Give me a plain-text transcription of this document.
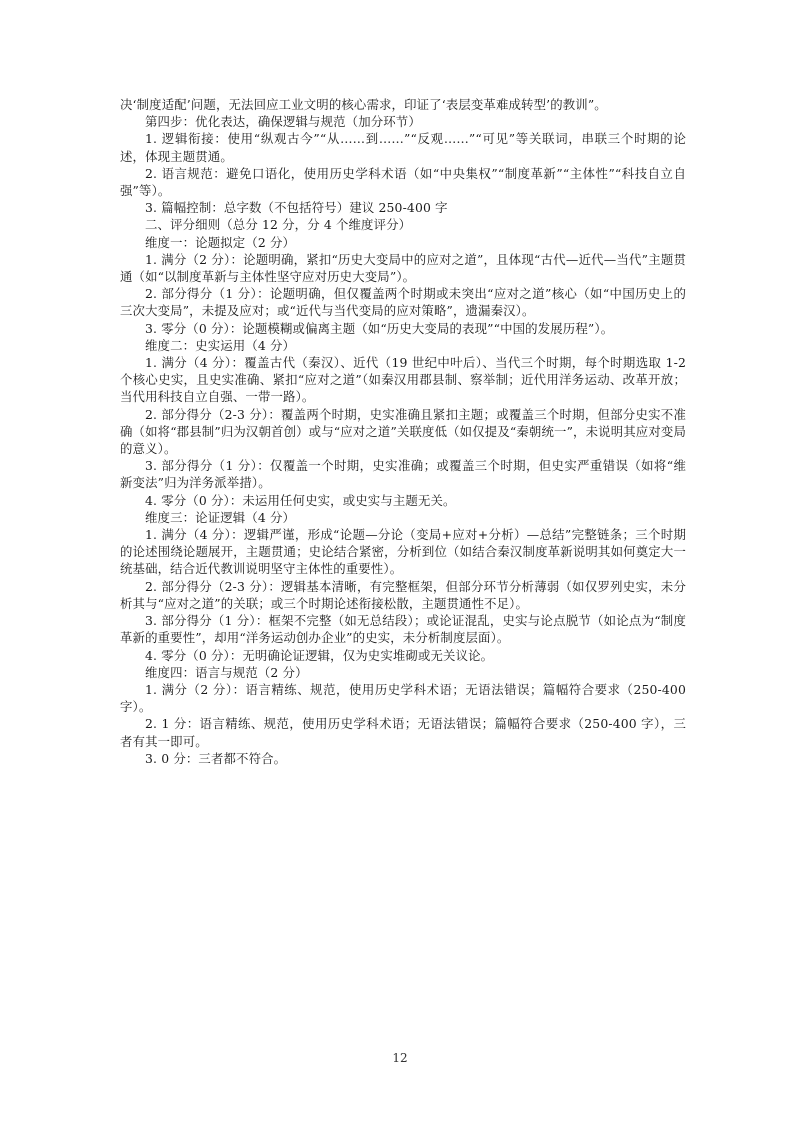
决‘制度适配’问题，无法回应工业文明的核心需求，印证了‘表层变革难成转型’的教训”。

第四步：优化表达，确保逻辑与规范（加分环节）

1. 逻辑衔接：使用“纵观古今”“从……到……”“反观……”“可见”等关联词，串联三个时期的论述，体现主题贯通。

2. 语言规范：避免口语化，使用历史学科术语（如“中央集权”“制度革新”“主体性”“科技自立自强”等）。

3. 篇幅控制：总字数（不包括符号）建议 250-400 字

二、评分细则（总分 12 分，分 4 个维度评分）

维度一：论题拟定（2 分）

1. 满分（2 分）：论题明确，紧扣“历史大变局中的应对之道”，且体现“古代—近代—当代”主题贯通（如“以制度革新与主体性坚守应对历史大变局”）。

2. 部分得分（1 分）：论题明确，但仅覆盖两个时期或未突出“应对之道”核心（如“中国历史上的三次大变局”，未提及应对；或“近代与当代变局的应对策略”，遗漏秦汉）。

3. 零分（0 分）：论题模糊或偏离主题（如“历史大变局的表现”“中国的发展历程”）。

维度二：史实运用（4 分）

1. 满分（4 分）：覆盖古代（秦汉）、近代（19 世纪中叶后）、当代三个时期，每个时期选取 1-2 个核心史实，且史实准确、紧扣“应对之道”（如秦汉用郡县制、察举制；近代用洋务运动、改革开放；当代用科技自立自强、一带一路）。

2. 部分得分（2-3 分）：覆盖两个时期，史实准确且紧扣主题；或覆盖三个时期，但部分史实不准确（如将“郡县制”归为汉朝首创）或与“应对之道”关联度低（如仅提及“秦朝统一”，未说明其应对变局的意义）。

3. 部分得分（1 分）：仅覆盖一个时期，史实准确；或覆盖三个时期，但史实严重错误（如将“维新变法”归为洋务派举措）。

4. 零分（0 分）：未运用任何史实，或史实与主题无关。

维度三：论证逻辑（4 分）

1. 满分（4 分）：逻辑严谨，形成“论题—分论（变局+应对+分析）—总结”完整链条；三个时期的论述围绕论题展开，主题贯通；史论结合紧密，分析到位（如结合秦汉制度革新说明其如何奠定大一统基础，结合近代教训说明坚守主体性的重要性）。

2. 部分得分（2-3 分）：逻辑基本清晰，有完整框架，但部分环节分析薄弱（如仅罗列史实，未分析其与“应对之道”的关联；或三个时期论述衔接松散，主题贯通性不足）。

3. 部分得分（1 分）：框架不完整（如无总结段）；或论证混乱，史实与论点脱节（如论点为“制度革新的重要性”，却用“洋务运动创办企业”的史实，未分析制度层面）。

4. 零分（0 分）：无明确论证逻辑，仅为史实堆砌或无关议论。

维度四：语言与规范（2 分）

1. 满分（2 分）：语言精练、规范，使用历史学科术语；无语法错误；篇幅符合要求（250-400 字）。

2. 1 分：语言精练、规范，使用历史学科术语；无语法错误；篇幅符合要求（250-400 字），三者有其一即可。

3. 0 分：三者都不符合。

12
